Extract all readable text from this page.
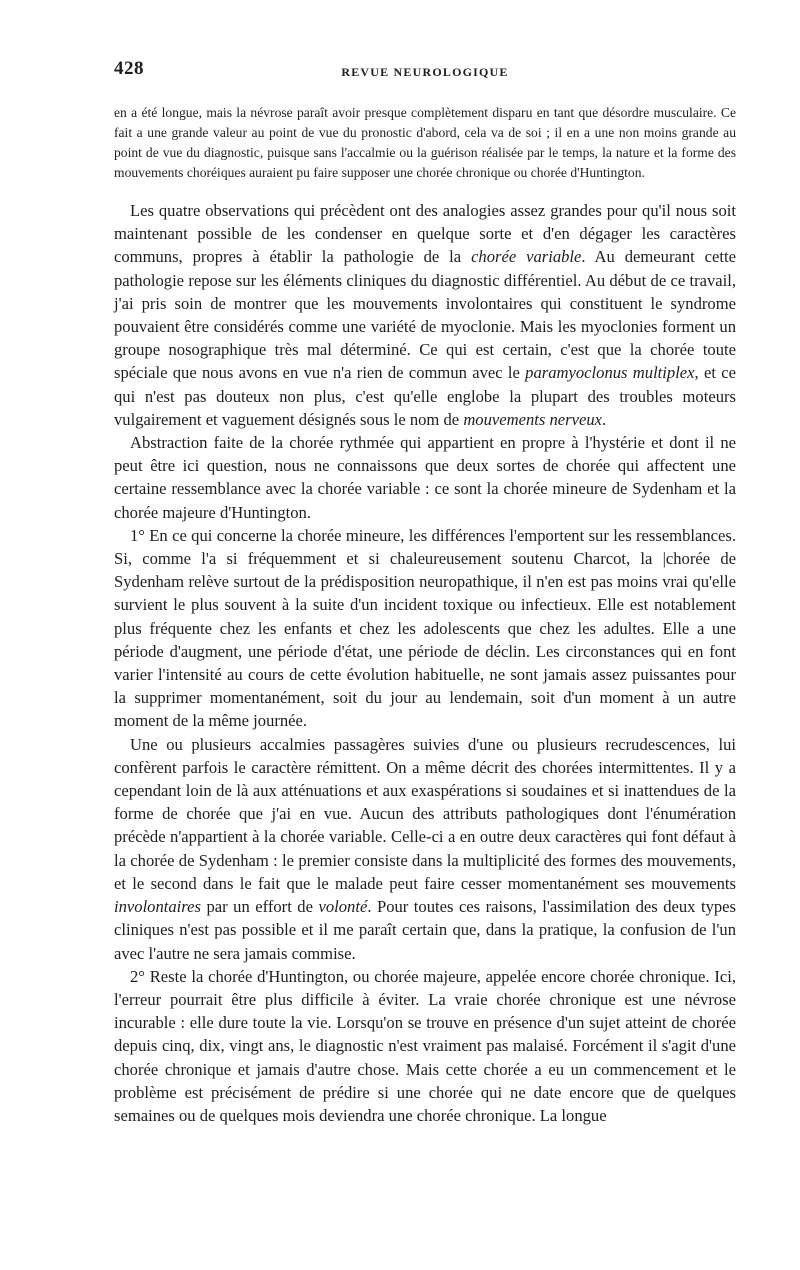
428	REVUE NEUROLOGIQUE

en a été longue, mais la névrose paraît avoir presque complètement disparu en tant que désordre musculaire. Ce fait a une grande valeur au point de vue du pronostic d'abord, cela va de soi ; il en a une non moins grande au point de vue du diagnostic, puisque sans l'accalmie ou la guérison réalisée par le temps, la nature et la forme des mouvements choréiques auraient pu faire supposer une chorée chronique ou chorée d'Huntington.

Les quatre observations qui précèdent ont des analogies assez grandes pour qu'il nous soit maintenant possible de les condenser en quelque sorte et d'en dégager les caractères communs, propres à établir la pathologie de la chorée variable. Au demeurant cette pathologie repose sur les éléments cliniques du diagnostic différentiel. Au début de ce travail, j'ai pris soin de montrer que les mouvements involontaires qui constituent le syndrome pouvaient être considérés comme une variété de myoclonie. Mais les myoclonies forment un groupe nosographique très mal déterminé. Ce qui est certain, c'est que la chorée toute spéciale que nous avons en vue n'a rien de commun avec le paramyoclonus multiplex, et ce qui n'est pas douteux non plus, c'est qu'elle englobe la plupart des troubles moteurs vulgairement et vaguement désignés sous le nom de mouvements nerveux.

Abstraction faite de la chorée rythmée qui appartient en propre à l'hystérie et dont il ne peut être ici question, nous ne connaissons que deux sortes de chorée qui affectent une certaine ressemblance avec la chorée variable : ce sont la chorée mineure de Sydenham et la chorée majeure d'Huntington.

1° En ce qui concerne la chorée mineure, les différences l'emportent sur les ressemblances. Si, comme l'a si fréquemment et si chaleureusement soutenu Charcot, la |chorée de Sydenham relève surtout de la prédisposition neuropathique, il n'en est pas moins vrai qu'elle survient le plus souvent à la suite d'un incident toxique ou infectieux. Elle est notablement plus fréquente chez les enfants et chez les adolescents que chez les adultes. Elle a une période d'augment, une période d'état, une période de déclin. Les circonstances qui en font varier l'intensité au cours de cette évolution habituelle, ne sont jamais assez puissantes pour la supprimer momentanément, soit du jour au lendemain, soit d'un moment à un autre moment de la même journée.

Une ou plusieurs accalmies passagères suivies d'une ou plusieurs recrudescences, lui confèrent parfois le caractère rémittent. On a même décrit des chorées intermittentes. Il y a cependant loin de là aux atténuations et aux exaspérations si soudaines et si inattendues de la forme de chorée que j'ai en vue. Aucun des attributs pathologiques dont l'énumération précède n'appartient à la chorée variable. Celle-ci a en outre deux caractères qui font défaut à la chorée de Sydenham : le premier consiste dans la multiplicité des formes des mouvements, et le second dans le fait que le malade peut faire cesser momentanément ses mouvements involontaires par un effort de volonté. Pour toutes ces raisons, l'assimilation des deux types cliniques n'est pas possible et il me paraît certain que, dans la pratique, la confusion de l'un avec l'autre ne sera jamais commise.

2° Reste la chorée d'Huntington, ou chorée majeure, appelée encore chorée chronique. Ici, l'erreur pourrait être plus difficile à éviter. La vraie chorée chronique est une névrose incurable : elle dure toute la vie. Lorsqu'on se trouve en présence d'un sujet atteint de chorée depuis cinq, dix, vingt ans, le diagnostic n'est vraiment pas malaisé. Forcément il s'agit d'une chorée chronique et jamais d'autre chose. Mais cette chorée a eu un commencement et le problème est précisément de prédire si une chorée qui ne date encore que de quelques semaines ou de quelques mois deviendra une chorée chronique. La longue
